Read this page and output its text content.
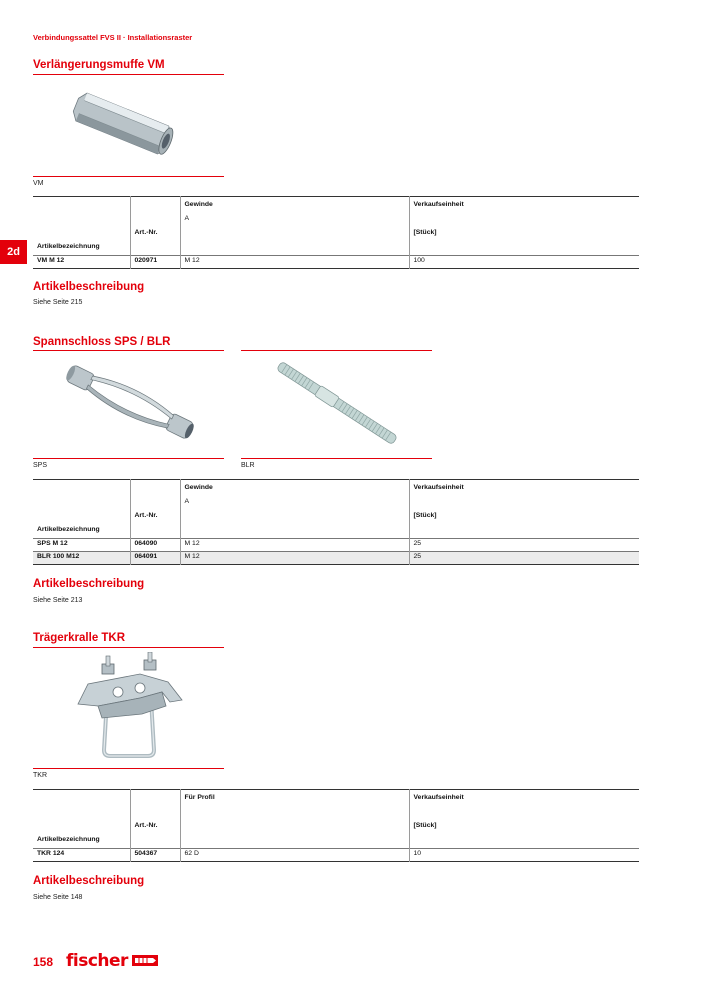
Verbindungssattel FVS II · Installationsraster
2d
Verlängerungsmuffe VM
VM
		Gewinde	Verkaufseinheit
		A	
	Art.-Nr.		[Stück]
Artikelbezeichnung			
VM M 12	020971	M 12	100
Artikelbeschreibung
Siehe Seite 215
Spannschloss SPS / BLR
SPS	BLR
		Gewinde	Verkaufseinheit
		A	
	Art.-Nr.		[Stück]
Artikelbezeichnung			
SPS M 12	064090	M 12	25
BLR 100 M12	064091	M 12	25
Artikelbeschreibung
Siehe Seite 213
Trägerkralle TKR
TKR
		Für Profil	Verkaufseinheit

	Art.-Nr.		[Stück]
Artikelbezeichnung			
TKR 124	504367	62 D	10
Artikelbeschreibung
Siehe Seite 148
158 fischer
